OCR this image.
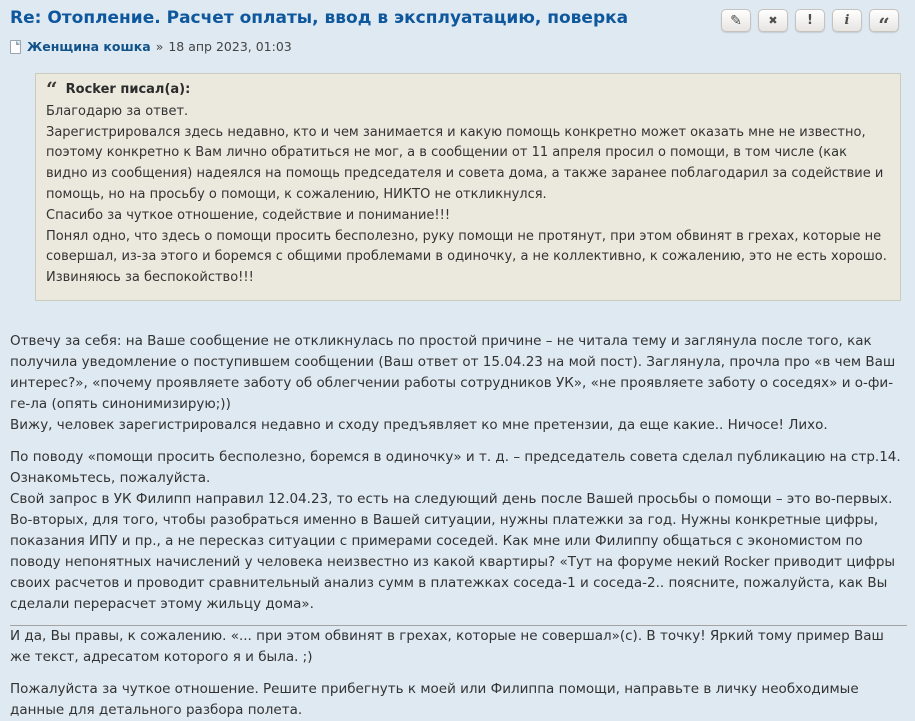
Re: Отопление. Расчет оплаты, ввод в эксплуатацию, поверка	✎ ✖ ! i “

Женщина кошка » 18 апр 2023, 01:03

“ Rocker писал(а):
Благодарю за ответ.
Зарегистрировался здесь недавно, кто и чем занимается и какую помощь конкретно может оказать мне не известно, поэтому конкретно к Вам лично обратиться не мог, а в сообщении от 11 апреля просил о помощи, в том числе (как видно из сообщения) надеялся на помощь председателя и совета дома, а также заранее поблагодарил за содействие и помощь, но на просьбу о помощи, к сожалению, НИКТО не откликнулся.
Спасибо за чуткое отношение, содействие и понимание!!!
Понял одно, что здесь о помощи просить бесполезно, руку помощи не протянут, при этом обвинят в грехах, которые не совершал, из-за этого и боремся с общими проблемами в одиночку, а не коллективно, к сожалению, это не есть хорошо.
Извиняюсь за беспокойство!!!
Отвечу за себя: на Ваше сообщение не откликнулась по простой причине – не читала тему и заглянула после того, как получила уведомление о поступившем сообщении (Ваш ответ от 15.04.23 на мой пост). Заглянула, прочла про «в чем Ваш интерес?», «почему проявляете заботу об облегчении работы сотрудников УК», «не проявляете заботу о соседях» и о-фи-ге-ла (опять синонимизирую;))
Вижу, человек зарегистрировался недавно и сходу предъявляет ко мне претензии, да еще какие.. Ничосе! Лихо.
По поводу «помощи просить бесполезно, боремся в одиночку» и т. д. – председатель совета сделал публикацию на стр.14.
Ознакомьтесь, пожалуйста.
Свой запрос в УК Филипп направил 12.04.23, то есть на следующий день после Вашей просьбы о помощи – это во-первых. Во-вторых, для того, чтобы разобраться именно в Вашей ситуации, нужны платежки за год. Нужны конкретные цифры, показания ИПУ и пр., а не пересказ ситуации с примерами соседей. Как мне или Филиппу общаться с экономистом по поводу непонятных начислений у человека неизвестно из какой квартиры? «Тут на форуме некий Rocker приводит цифры своих расчетов и проводит сравнительный анализ сумм в платежках соседа-1 и соседа-2.. поясните, пожалуйста, как Вы сделали перерасчет этому жильцу дома».
И да, Вы правы, к сожалению. «... при этом обвинят в грехах, которые не совершал»(с). В точку! Яркий тому пример Ваш же текст, адресатом которого я и была. ;)
Пожалуйста за чуткое отношение. Решите прибегнуть к моей или Филиппа помощи, направьте в личку необходимые данные для детального разбора полета.
